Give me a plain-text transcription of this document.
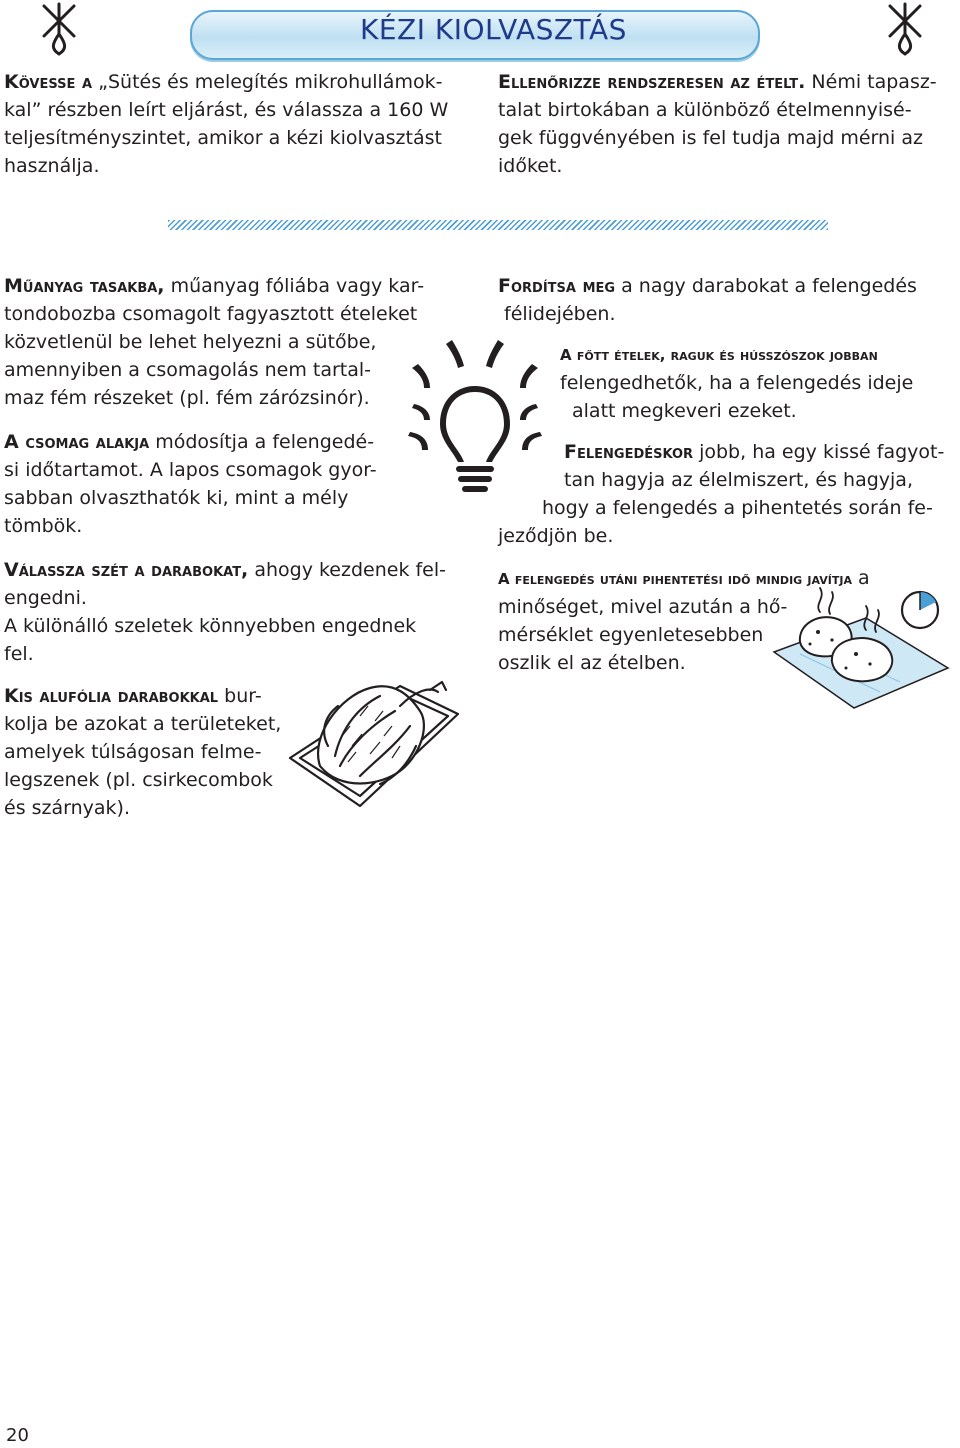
KÉZI KIOLVASZTÁS

Kövesse a „Sütés és melegítés mikrohullámok-

kal” részben leírt eljárást, és válassza a 160 W

teljesítményszintet, amikor a kézi kiolvasztást

használja.

Ellenőrizze rendszeresen az ételt. Némi tapasz-

talat birtokában a különböző ételmennyisé-

gek függvényében is fel tudja majd mérni az

időket.

Műanyag tasakba, műanyag fóliába vagy kar-

tondobozba csomagolt fagyasztott ételeket

közvetlenül be lehet helyezni a sütőbe,

amennyiben a csomagolás nem tartal-

maz fém részeket (pl. fém zárózsinór).

A csomag alakja módosítja a felengedé-

si időtartamot. A lapos csomagok gyor-

sabban olvaszthatók ki, mint a mély

tömbök.

Válassza szét a darabokat, ahogy kezdenek fel-

engedni.

A különálló szeletek könnyebben engednek

fel.

Kis alufólia darabokkal bur-

kolja be azokat a területeket,

amelyek túlságosan felme-

legszenek (pl. csirkecombok

és szárnyak).

Fordítsa meg a nagy darabokat a felengedés

félidejében.

A főtt ételek, raguk és hússzószok jobban

felengedhetők, ha a felengedés ideje

alatt megkeveri ezeket.

Felengedéskor jobb, ha egy kissé fagyot-

tan hagyja az élelmiszert, és hagyja,

hogy a felengedés a pihentetés során fe-

jeződjön be.

A felengedés utáni pihentetési idő mindig javítja a

minőséget, mivel azután a hő-

mérséklet egyenletesebben

oszlik el az ételben.

20
